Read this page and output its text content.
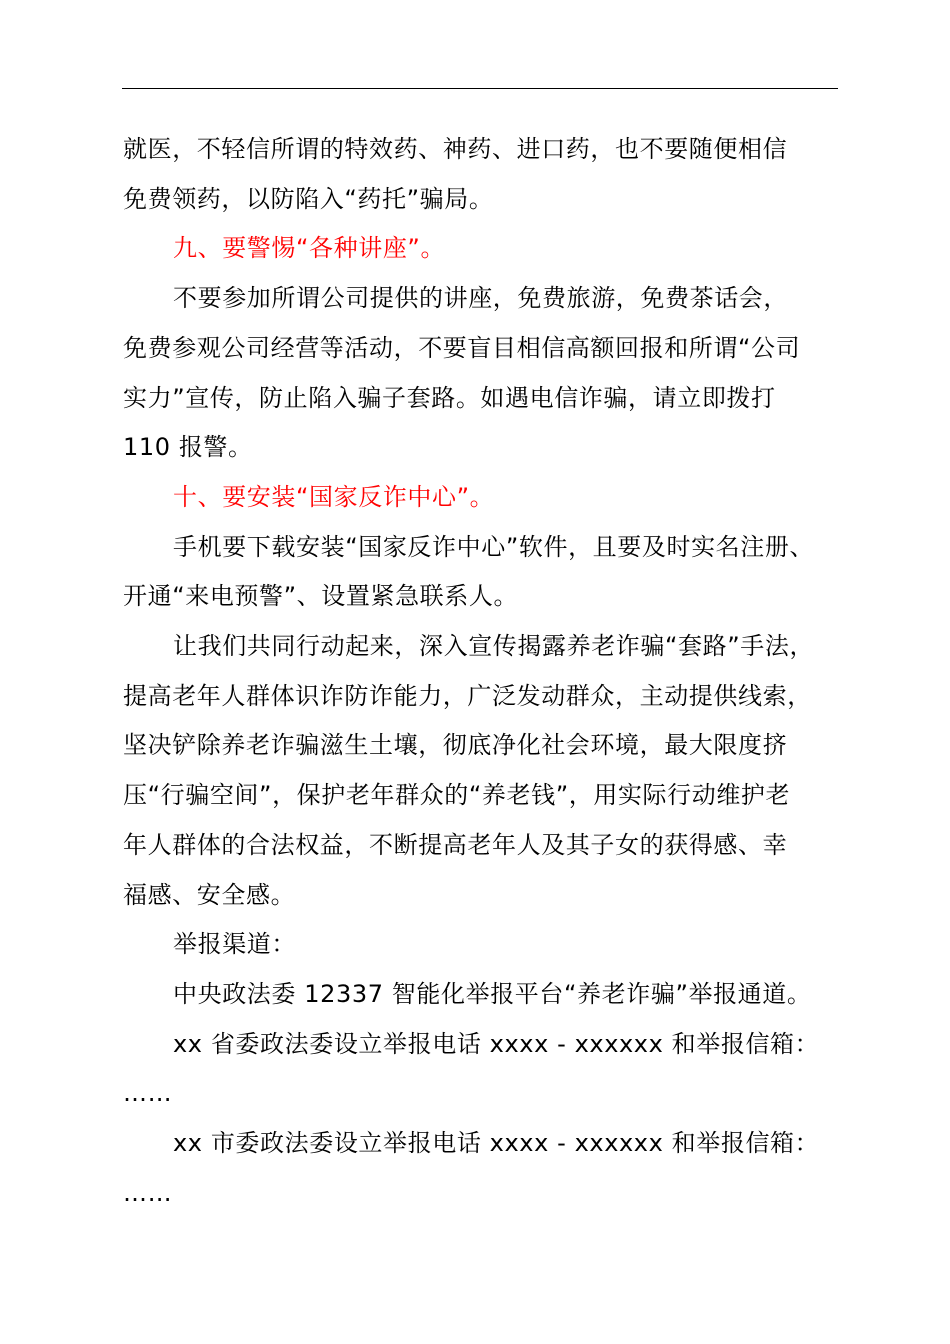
就医，不轻信所谓的特效药、神药、进口药，也不要随便相信

免费领药，以防陷入“药托”骗局。

九、要警惕“各种讲座”。

不要参加所谓公司提供的讲座，免费旅游，免费茶话会，

免费参观公司经营等活动，不要盲目相信高额回报和所谓“公司

实力”宣传，防止陷入骗子套路。如遇电信诈骗，请立即拨打

110 报警。

十、要安装“国家反诈中心”。

手机要下载安装“国家反诈中心”软件，且要及时实名注册、

开通“来电预警”、设置紧急联系人。

让我们共同行动起来，深入宣传揭露养老诈骗“套路”手法，

提高老年人群体识诈防诈能力，广泛发动群众，主动提供线索，

坚决铲除养老诈骗滋生土壤，彻底净化社会环境，最大限度挤

压“行骗空间”，保护老年群众的“养老钱”，用实际行动维护老

年人群体的合法权益，不断提高老年人及其子女的获得感、幸

福感、安全感。

举报渠道：

中央政法委 12337 智能化举报平台“养老诈骗”举报通道。

xx 省委政法委设立举报电话 xxxx - xxxxxx 和举报信箱：

……

xx 市委政法委设立举报电话 xxxx - xxxxxx 和举报信箱：

……
